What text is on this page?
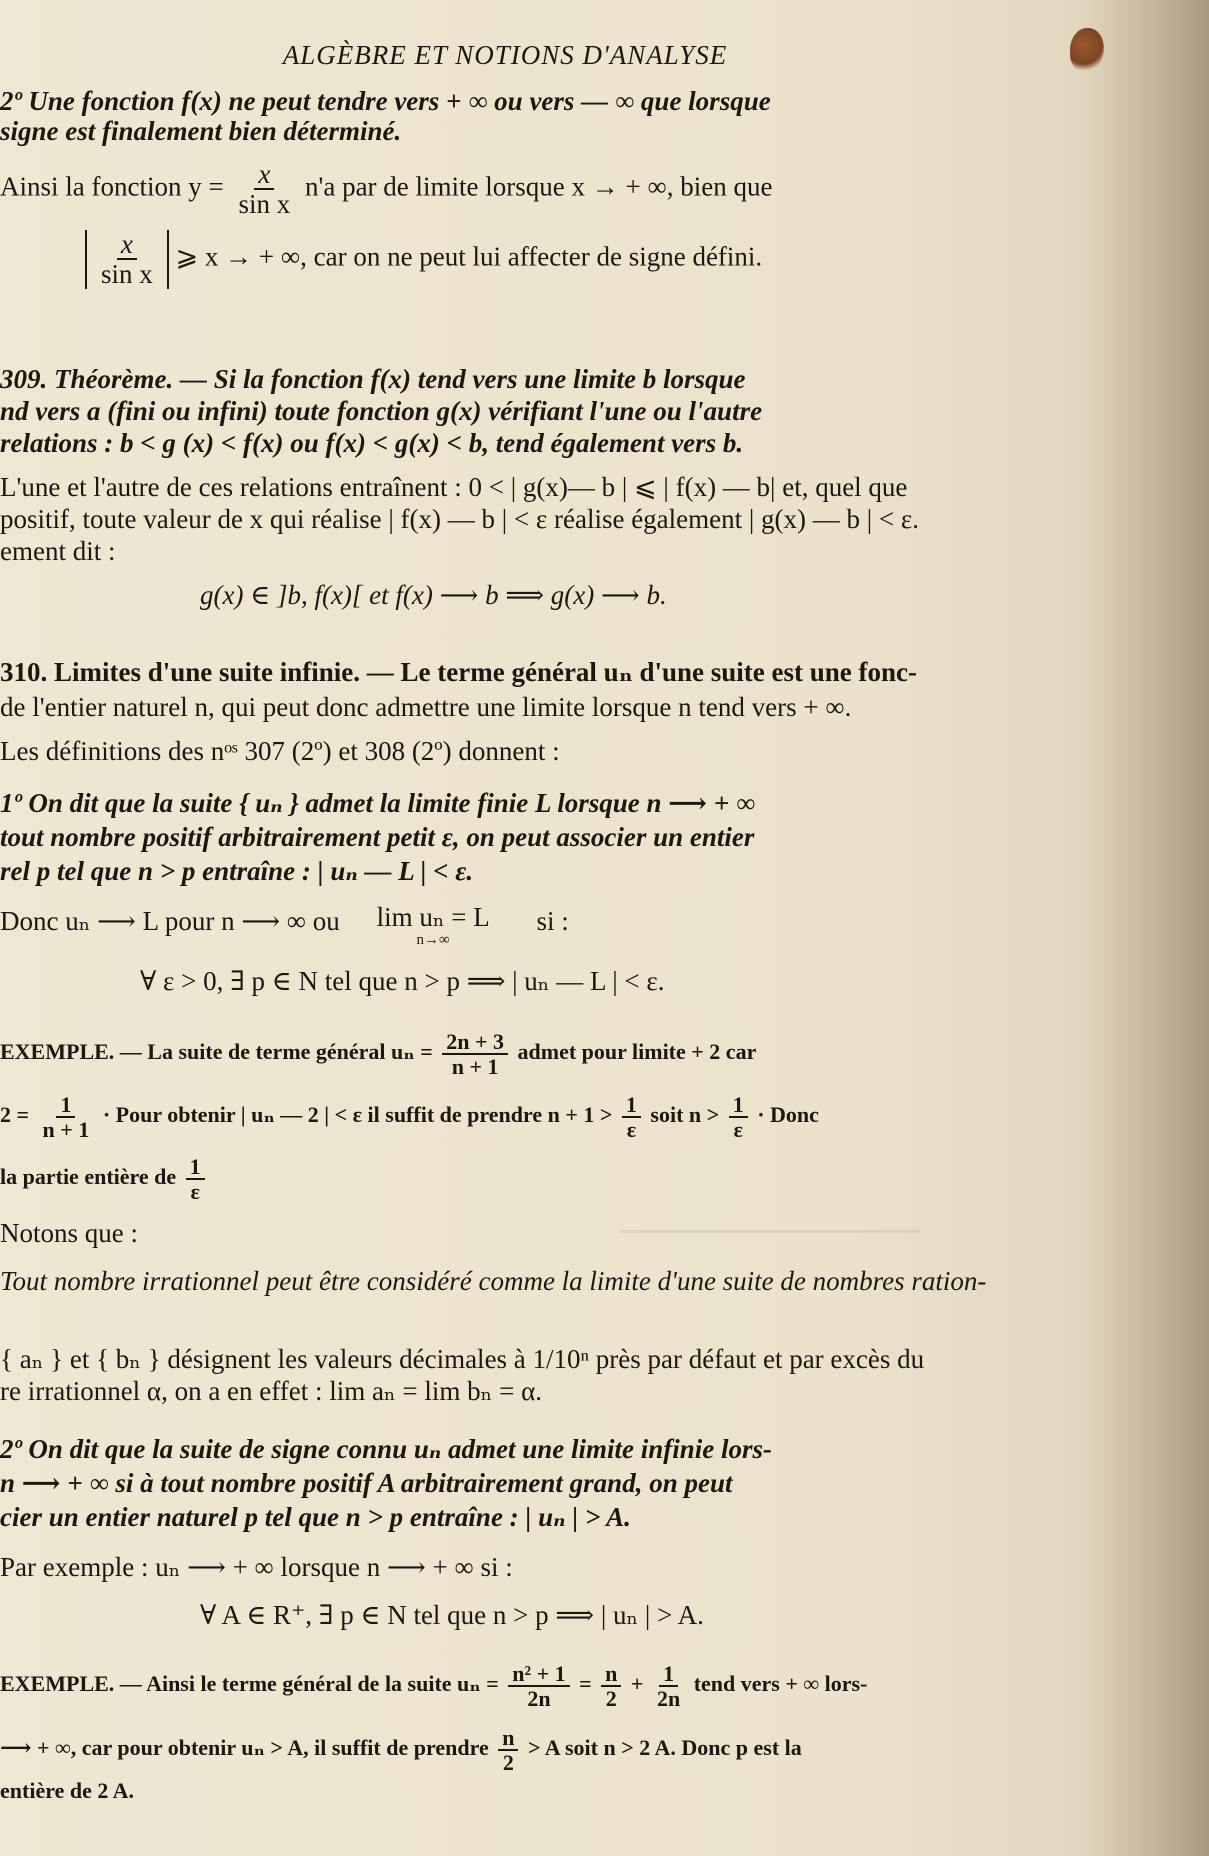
ALGÈBRE ET NOTIONS D'ANALYSE
2º Une fonction f(x) ne peut tendre vers + ∞ ou vers — ∞ que lorsque
signe est finalement bien déterminé.
Ainsi la fonction $y = \frac{x}{\text{sin x}} n'a$ par de limite lorsque x → + ∞, bien que
$\frac{x}{\text{sin x}}$ ⩾ x → + ∞, car on ne peut lui affecter de signe défini.
309. Théorème. — Si la fonction f(x) tend vers une limite b lorsque
nd vers a (fini ou infini) toute fonction g(x) vérifiant l'une ou l'autre
relations : b < g (x) < f(x) ou f(x) < g(x) < b, tend également vers b.
L'une et l'autre de ces relations entraînent : 0 < | g(x)— b | ⩽ | f(x) — b| et, quel que
positif, toute valeur de x qui réalise | f(x) — b | < ε réalise également | g(x) — b | < ε.
ement dit :
g(x) ∈ ]b, f(x)[ et f(x) ⟶ b ⟹ g(x) ⟶ b.
310. Limites d'une suite infinie. — Le terme général uₙ d'une suite est une fonc-
de l'entier naturel n, qui peut donc admettre une limite lorsque n tend vers + ∞.
Les définitions des nᵒˢ 307 (2º) et 308 (2º) donnent :
1º On dit que la suite { uₙ } admet la limite finie L lorsque n ⟶ + ∞
tout nombre positif arbitrairement petit ε, on peut associer un entier
rel p tel que n > p entraîne : | uₙ — L | < ε.
Donc uₙ ⟶ L pour n ⟶ ∞ ou lim uₙ = L
n→∞
si :
∀ ε > 0, ∃ p ∈ N tel que n > p ⟹ | uₙ — L | < ε.
EXEMPLE. — La suite de terme général $u_n = \frac{2n + 3}{n + 1}$ admet pour limite + 2 car
$2 = \frac{1}{n + 1}$ · Pour obtenir | uₙ — 2 | < ε il suffit de prendre $n + 1 > \frac{1}{\varepsilon}$ soit $n > \frac{1}{\varepsilon}$ · Donc
la partie entière de $\frac{1}{\varepsilon}$
Notons que :
Tout nombre irrationnel peut être considéré comme la limite d'une suite de nombres ration-
{ aₙ } et { bₙ } désignent les valeurs décimales à 1/10ⁿ près par défaut et par excès du
re irrationnel α, on a en effet : lim aₙ = lim bₙ = α.
2º On dit que la suite de signe connu uₙ admet une limite infinie lors-
n ⟶ + ∞ si à tout nombre positif A arbitrairement grand, on peut
cier un entier naturel p tel que n > p entraîne : | uₙ | > A.
Par exemple : uₙ ⟶ + ∞ lorsque n ⟶ + ∞ si :
∀ A ∈ R⁺, ∃ p ∈ N tel que n > p ⟹ | uₙ | > A.
EXEMPLE. — Ainsi le terme général de la suite $u_n = \frac{\text{n² + 1}}{2n} = \frac{n}{2} + \frac{1}{2n}$ tend vers + ∞ lors-
⟶ + ∞, car pour obtenir uₙ > A, il suffit de prendre $\frac{n}{2} > A$ soit n > 2 A. Donc p est la
entière de 2 A.
